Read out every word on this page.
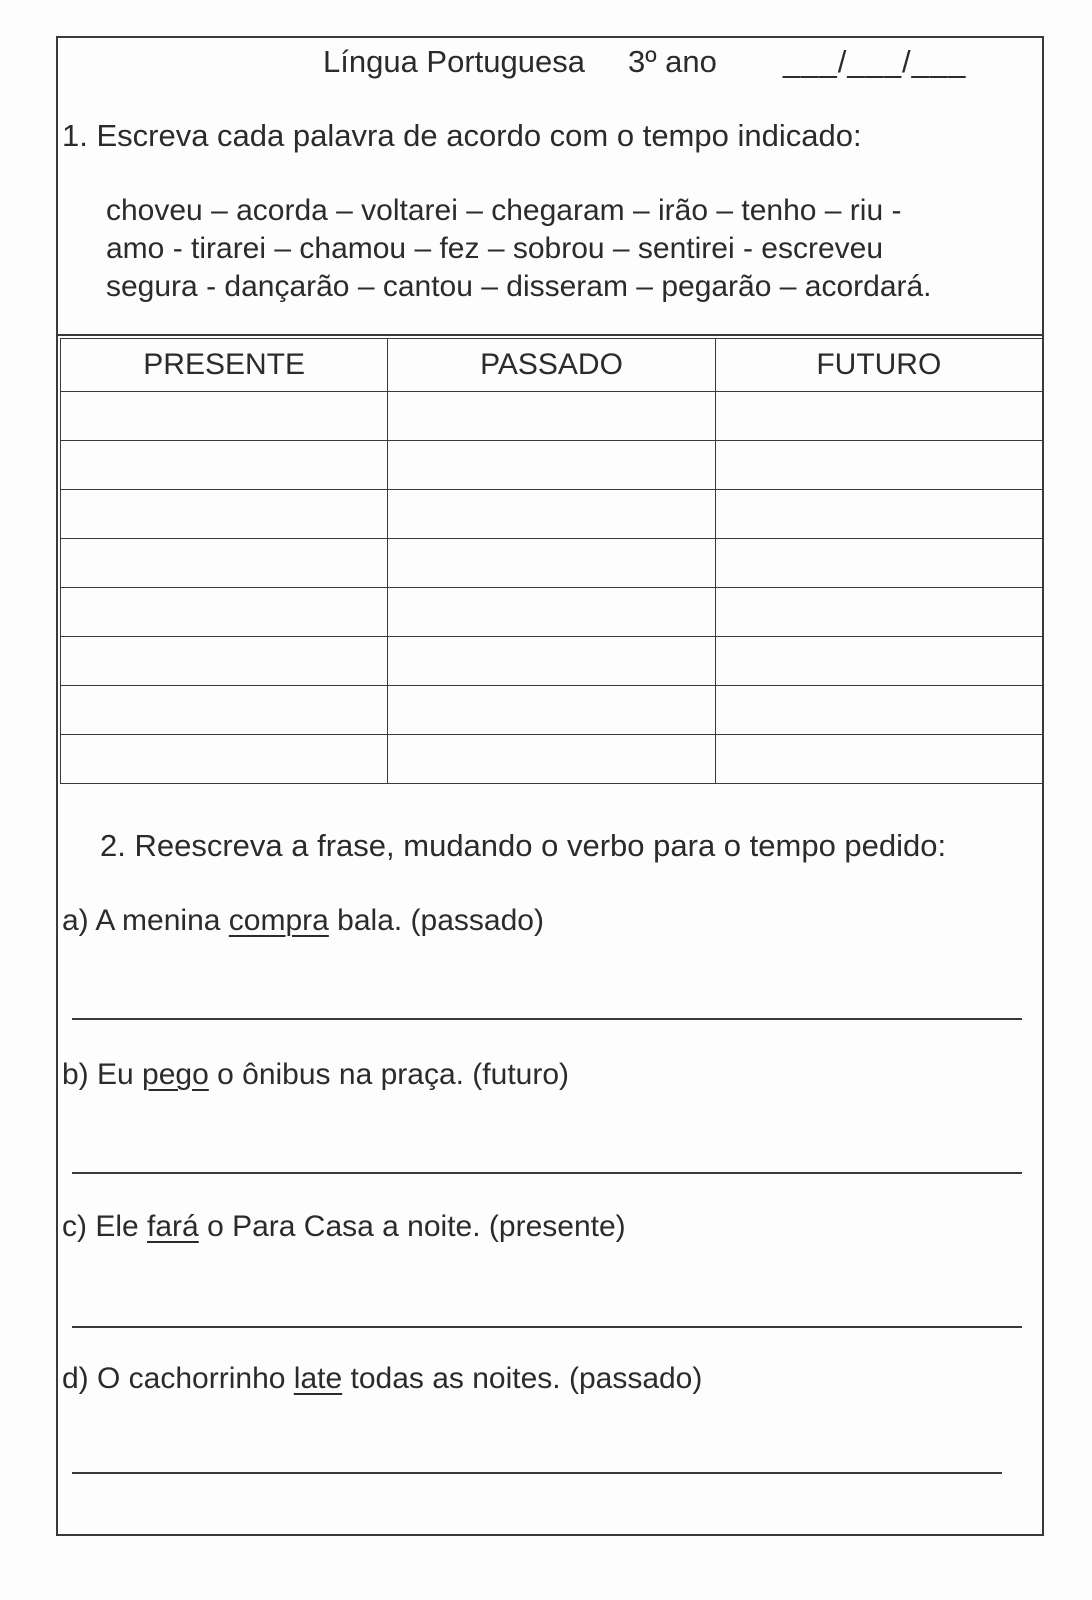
Língua Portuguesa 3º ano ___/___/___
1. Escreva cada palavra de acordo com o tempo indicado:
choveu – acorda – voltarei – chegaram – irão – tenho – riu -
amo - tirarei – chamou – fez – sobrou – sentirei - escreveu
segura - dançarão – cantou – disseram – pegarão – acordará.
PRESENTE	PASSADO	FUTURO

2. Reescreva a frase, mudando o verbo para o tempo pedido:
a) A menina compra bala. (passado)
b) Eu pego o ônibus na praça. (futuro)
c) Ele fará o Para Casa a noite. (presente)
d) O cachorrinho late todas as noites. (passado)
